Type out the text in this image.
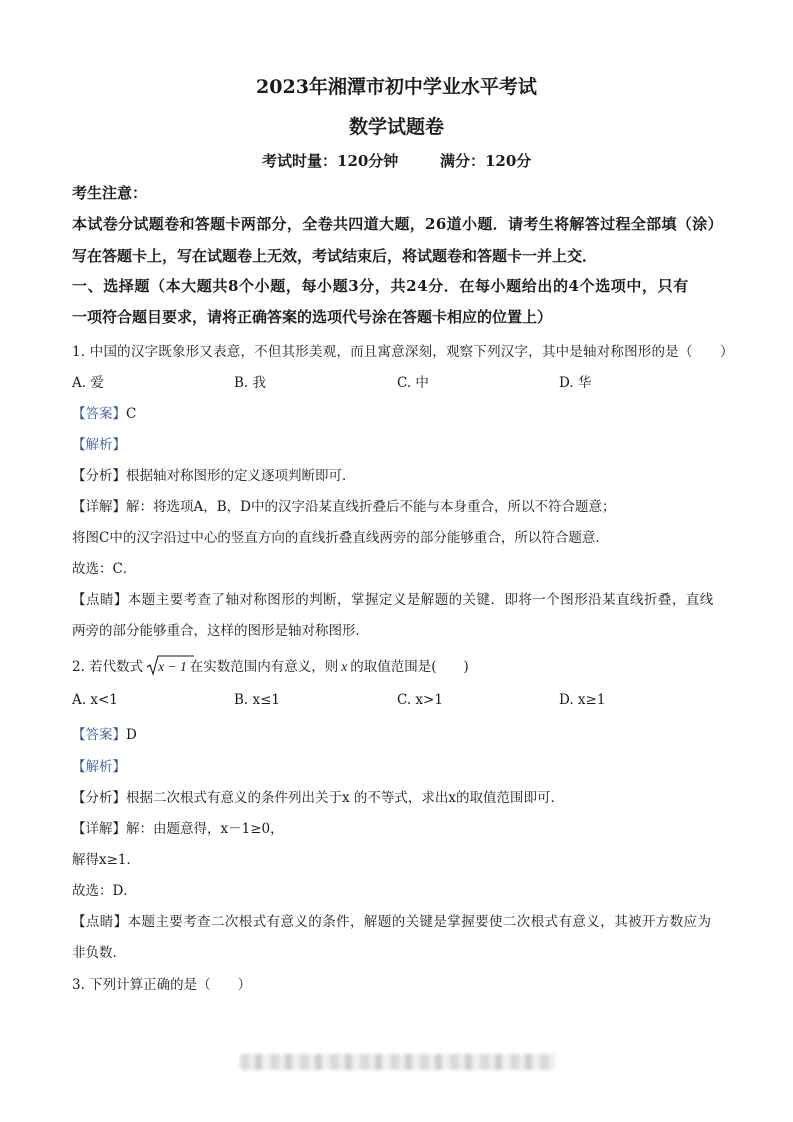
2023年湘潭市初中学业水平考试
数学试题卷
考试时量：120分钟	满分：120分
考生注意：
本试卷分试题卷和答题卡两部分，全卷共四道大题，26道小题．请考生将解答过程全部填（涂）
写在答题卡上，写在试题卷上无效，考试结束后，将试题卷和答题卡一并上交．
一、选择题（本大题共8个小题，每小题3分，共24分．在每小题给出的4个选项中，只有
一项符合题目要求，请将正确答案的选项代号涂在答题卡相应的位置上）
1. 中国的汉字既象形又表意，不但其形美观，而且寓意深刻，观察下列汉字，其中是轴对称图形的是（　　）
A. 爱	B. 我	C. 中	D. 华
【答案】C
【解析】
【分析】根据轴对称图形的定义逐项判断即可．
【详解】解：将选项A，B，D中的汉字沿某直线折叠后不能与本身重合，所以不符合题意；
将图C中的汉字沿过中心的竖直方向的直线折叠直线两旁的部分能够重合，所以符合题意．
故选：C．
【点睛】本题主要考查了轴对称图形的判断，掌握定义是解题的关键．即将一个图形沿某直线折叠，直线
两旁的部分能够重合，这样的图形是轴对称图形．
2. 若代数式 x − 1 在实数范围内有意义，则 x 的取值范围是(　　)
A. x<1	B. x≤1	C. x>1	D. x≥1
【答案】D
【解析】
【分析】根据二次根式有意义的条件列出关于x 的不等式，求出x的取值范围即可．
【详解】解：由题意得，x－1≥0，
解得x≥1．
故选：D．
【点睛】本题主要考查二次根式有意义的条件，解题的关键是掌握要使二次根式有意义，其被开方数应为
非负数．
3. 下列计算正确的是（　　）
